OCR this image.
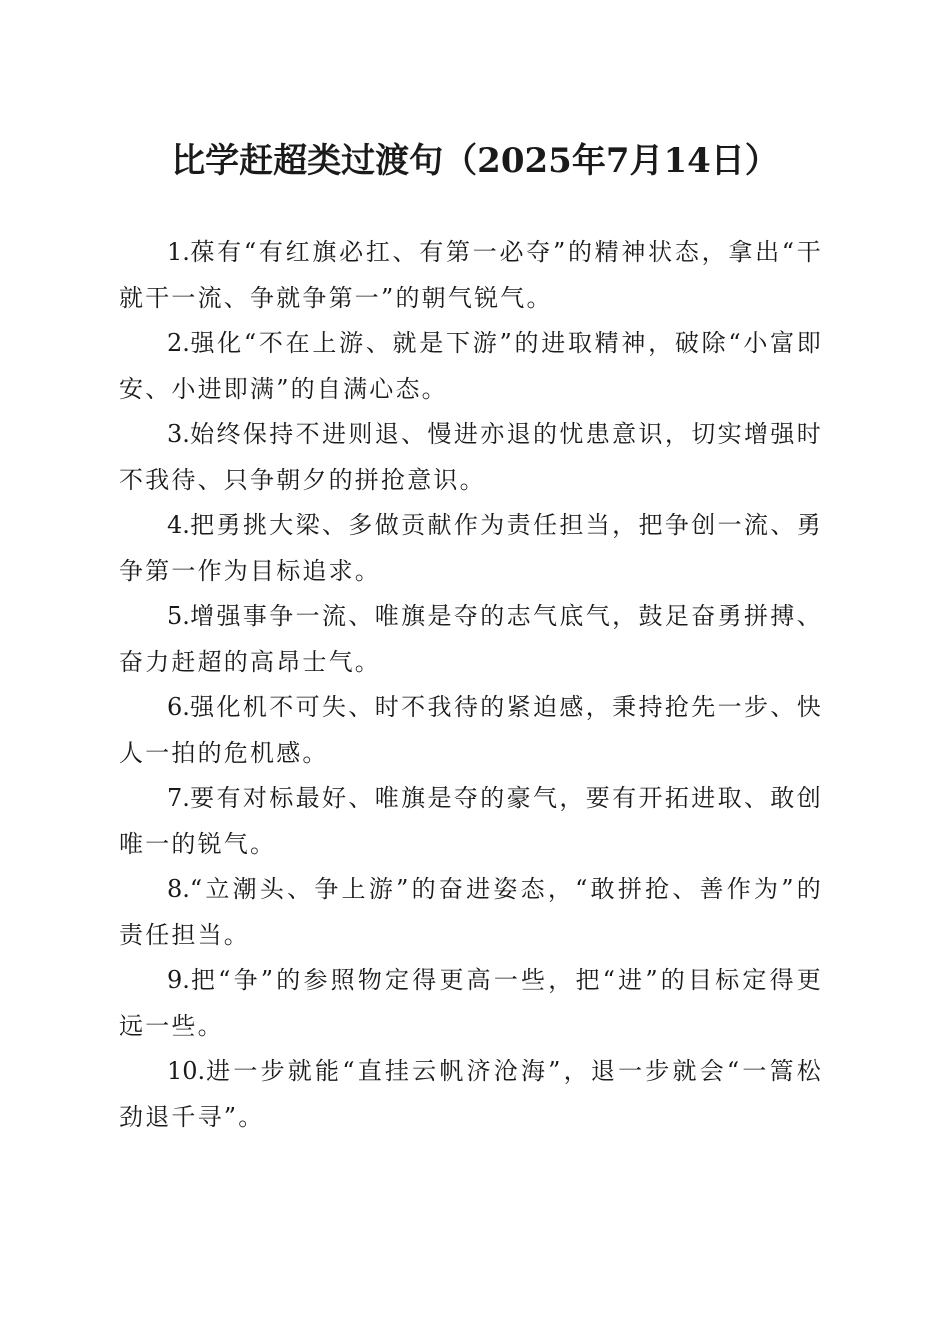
比学赶超类过渡句（2025年7月14日）

1.葆有“有红旗必扛、有第一必夺”的精神状态，拿出“干就干一流、争就争第一”的朝气锐气。

2.强化“不在上游、就是下游”的进取精神，破除“小富即安、小进即满”的自满心态。

3.始终保持不进则退、慢进亦退的忧患意识，切实增强时不我待、只争朝夕的拼抢意识。

4.把勇挑大梁、多做贡献作为责任担当，把争创一流、勇争第一作为目标追求。

5.增强事争一流、唯旗是夺的志气底气，鼓足奋勇拼搏、奋力赶超的高昂士气。

6.强化机不可失、时不我待的紧迫感，秉持抢先一步、快人一拍的危机感。

7.要有对标最好、唯旗是夺的豪气，要有开拓进取、敢创唯一的锐气。

8.“立潮头、争上游”的奋进姿态，“敢拼抢、善作为”的责任担当。

9.把“争”的参照物定得更高一些，把“进”的目标定得更远一些。

10.进一步就能“直挂云帆济沧海”，退一步就会“一篙松劲退千寻”。
